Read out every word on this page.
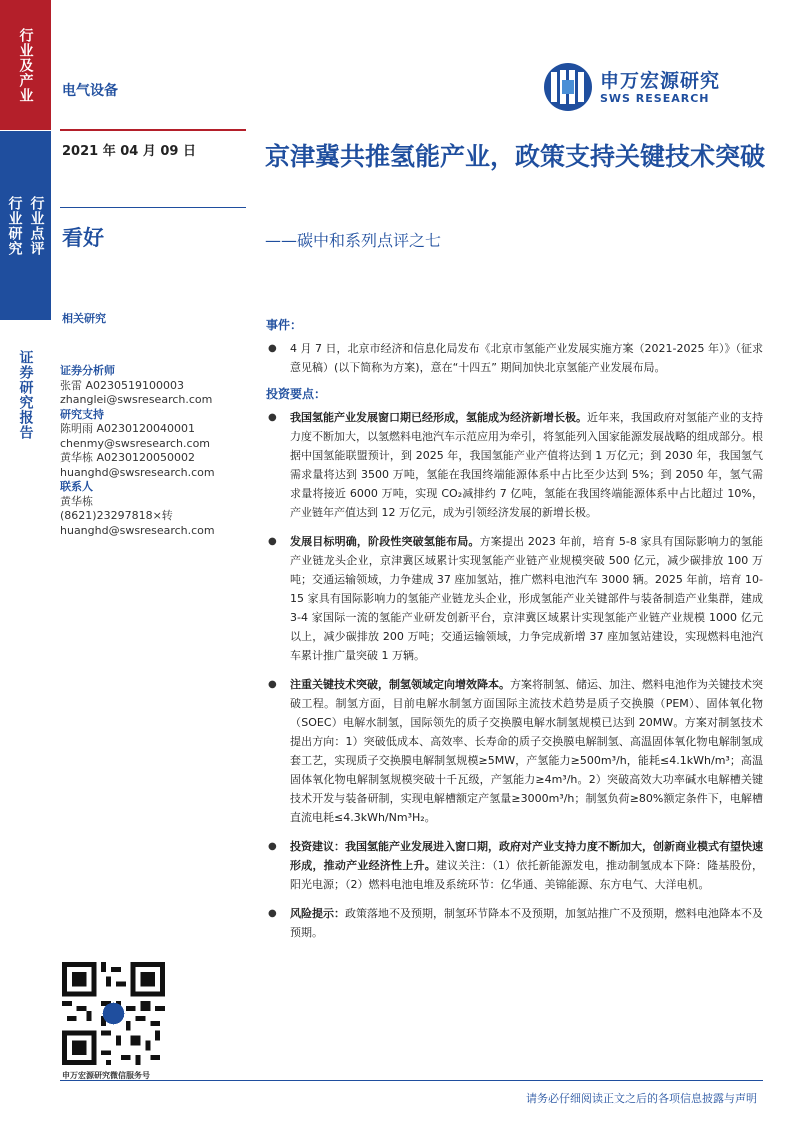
行业及产业
行业研究 行业点评
证券研究报告
电气设备
2021 年 04 月 09 日
看好
相关研究
申万宏源研究
SWS RESEARCH
京津冀共推氢能产业，政策支持关键技术突破
——碳中和系列点评之七
证券分析师
张雷 A0230519100003
zhanglei@swsresearch.com
研究支持
陈明雨 A0230120040001
chenmy@swsresearch.com
黄华栋 A0230120050002
huanghd@swsresearch.com
联系人
黄华栋
(8621)23297818×转
huanghd@swsresearch.com

事件：

● 4 月 7 日，北京市经济和信息化局发布《北京市氢能产业发展实施方案（2021-2025 年）》（征求意见稿）(以下简称为方案)，意在“十四五” 期间加快北京氢能产业发展布局。

投资要点：

● 我国氢能产业发展窗口期已经形成，氢能成为经济新增长极。近年来，我国政府对氢能产业的支持力度不断加大，以氢燃料电池汽车示范应用为牵引，将氢能列入国家能源发展战略的组成部分。根据中国氢能联盟预计，到 2025 年，我国氢能产业产值将达到 1 万亿元；到 2030 年，我国氢气需求量将达到 3500 万吨，氢能在我国终端能源体系中占比至少达到 5%；到 2050 年，氢气需求量将接近 6000 万吨，实现 CO₂减排约 7 亿吨，氢能在我国终端能源体系中占比超过 10%，产业链年产值达到 12 万亿元，成为引领经济发展的新增长极。

● 发展目标明确，阶段性突破氢能布局。方案提出 2023 年前，培育 5-8 家具有国际影响力的氢能产业链龙头企业，京津冀区域累计实现氢能产业链产业规模突破 500 亿元，减少碳排放 100 万吨；交通运输领域，力争建成 37 座加氢站，推广燃料电池汽车 3000 辆。2025 年前，培育 10-15 家具有国际影响力的氢能产业链龙头企业，形成氢能产业关键部件与装备制造产业集群，建成 3-4 家国际一流的氢能产业研发创新平台，京津冀区域累计实现氢能产业链产业规模 1000 亿元以上，减少碳排放 200 万吨；交通运输领域，力争完成新增 37 座加氢站建设，实现燃料电池汽车累计推广量突破 1 万辆。

● 注重关键技术突破，制氢领域定向增效降本。方案将制氢、储运、加注、燃料电池作为关键技术突破工程。制氢方面，目前电解水制氢方面国际主流技术趋势是质子交换膜（PEM）、固体氧化物（SOEC）电解水制氢，国际领先的质子交换膜电解水制氢规模已达到 20MW。方案对制氢技术提出方向：1）突破低成本、高效率、长寿命的质子交换膜电解制氢、高温固体氧化物电解制氢成套工艺，实现质子交换膜电解制氢规模≥5MW，产氢能力≥500m³/h，能耗≤4.1kWh/m³；高温固体氧化物电解制氢规模突破十千瓦级，产氢能力≥4m³/h。2）突破高效大功率碱水电解槽关键技术开发与装备研制，实现电解槽额定产氢量≥3000m³/h；制氢负荷≥80%额定条件下，电解槽直流电耗≤4.3kWh/Nm³H₂。

● 投资建议：我国氢能产业发展进入窗口期，政府对产业支持力度不断加大，创新商业模式有望快速形成，推动产业经济性上升。建议关注：（1）依托新能源发电，推动制氢成本下降：隆基股份，阳光电源；（2）燃料电池电堆及系统环节：亿华通、美锦能源、东方电气、大洋电机。

● 风险提示：政策落地不及预期，制氢环节降本不及预期，加氢站推广不及预期，燃料电池降本不及预期。

申万宏源研究微信服务号
请务必仔细阅读正文之后的各项信息披露与声明
